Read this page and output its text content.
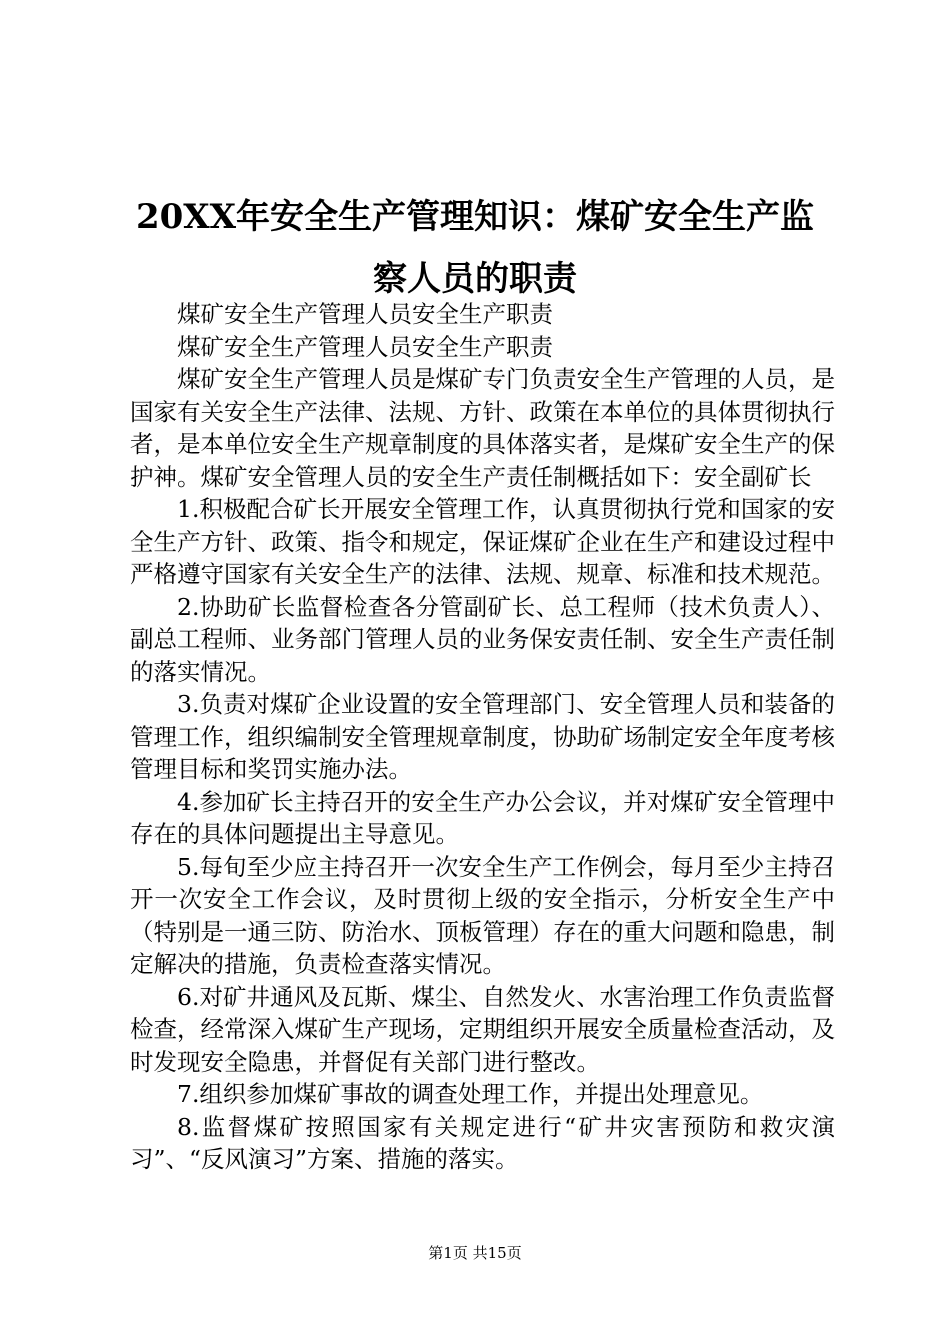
20XX年安全生产管理知识：煤矿安全生产监
察人员的职责

煤矿安全生产管理人员安全生产职责

煤矿安全生产管理人员安全生产职责

煤矿安全生产管理人员是煤矿专门负责安全生产管理的人员，是国家有关安全生产法律、法规、方针、政策在本单位的具体贯彻执行者，是本单位安全生产规章制度的具体落实者，是煤矿安全生产的保护神。煤矿安全管理人员的安全生产责任制概括如下：安全副矿长

1.积极配合矿长开展安全管理工作，认真贯彻执行党和国家的安全生产方针、政策、指令和规定，保证煤矿企业在生产和建设过程中严格遵守国家有关安全生产的法律、法规、规章、标准和技术规范。

2.协助矿长监督检查各分管副矿长、总工程师（技术负责人）、副总工程师、业务部门管理人员的业务保安责任制、安全生产责任制的落实情况。

3.负责对煤矿企业设置的安全管理部门、安全管理人员和装备的管理工作，组织编制安全管理规章制度，协助矿场制定安全年度考核管理目标和奖罚实施办法。

4.参加矿长主持召开的安全生产办公会议，并对煤矿安全管理中存在的具体问题提出主导意见。

5.每旬至少应主持召开一次安全生产工作例会，每月至少主持召开一次安全工作会议，及时贯彻上级的安全指示，分析安全生产中（特别是一通三防、防治水、顶板管理）存在的重大问题和隐患，制定解决的措施，负责检查落实情况。

6.对矿井通风及瓦斯、煤尘、自然发火、水害治理工作负责监督检查，经常深入煤矿生产现场，定期组织开展安全质量检查活动，及时发现安全隐患，并督促有关部门进行整改。

7.组织参加煤矿事故的调查处理工作，并提出处理意见。

8.监督煤矿按照国家有关规定进行“矿井灾害预防和救灾演习”、“反风演习”方案、措施的落实。

第1页 共15页
